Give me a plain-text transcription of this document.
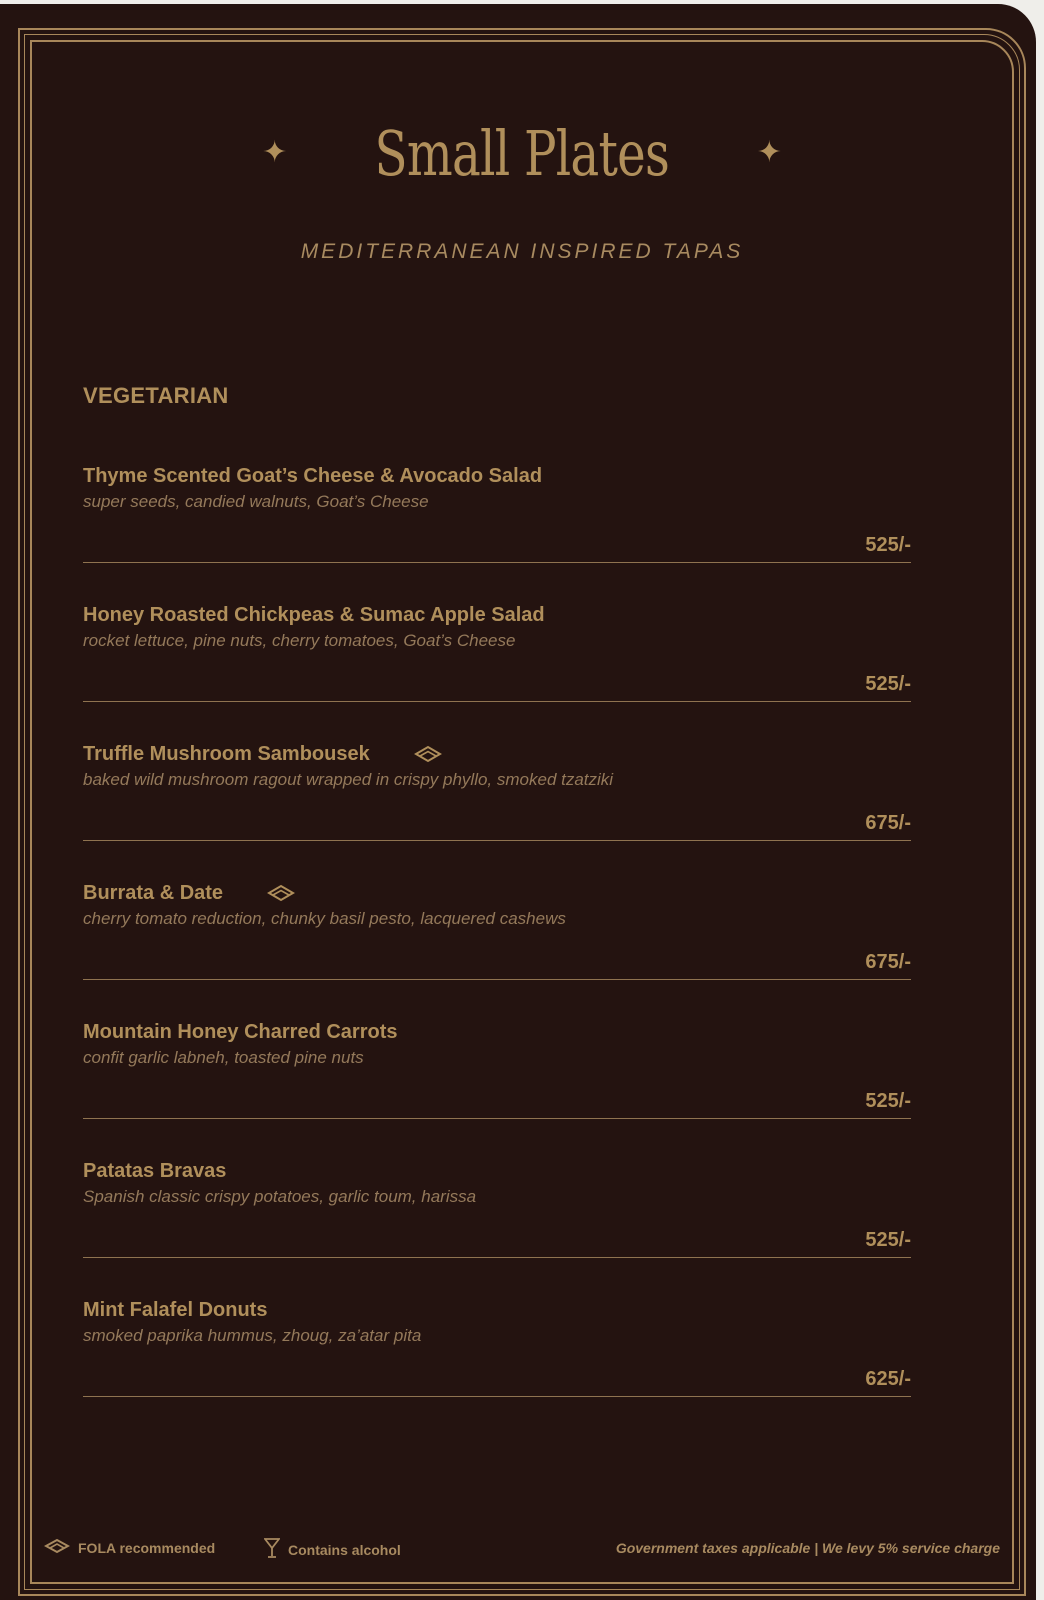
✦ Small Plates	✦
MEDITERRANEAN INSPIRED TAPAS
VEGETARIAN
Thyme Scented Goat’s Cheese & Avocado Salad
super seeds, candied walnuts, Goat’s Cheese
525/-
Honey Roasted Chickpeas & Sumac Apple Salad
rocket lettuce, pine nuts, cherry tomatoes, Goat’s Cheese
525/-
Truffle Mushroom Sambousek
baked wild mushroom ragout wrapped in crispy phyllo, smoked tzatziki
675/-
Burrata & Date
cherry tomato reduction, chunky basil pesto, lacquered cashews
675/-
Mountain Honey Charred Carrots
confit garlic labneh, toasted pine nuts
525/-
Patatas Bravas
Spanish classic crispy potatoes, garlic toum, harissa
525/-
Mint Falafel Donuts
smoked paprika hummus, zhoug, za’atar pita
625/-
FOLA recommended	Contains alcohol	Government taxes applicable | We levy 5% service charge
